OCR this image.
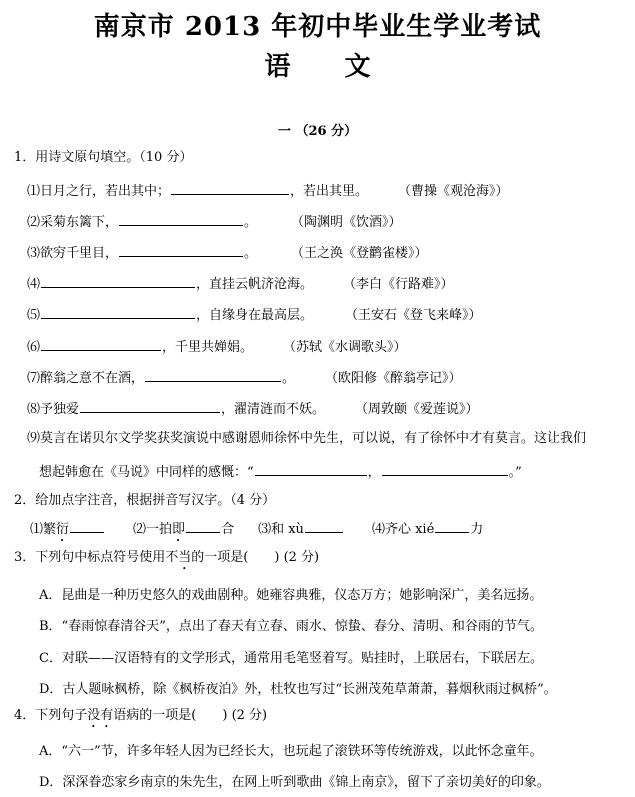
南京市 2013 年初中毕业生学业考试
语 文
一 （26 分）
1．用诗文原句填空。（10 分）
⑴日月之行，若出其中；	，若出其里。 （曹操《观沧海》）
⑵采菊东篱下，	。	（陶渊明《饮酒》）
⑶欲穷千里目，	。	（王之涣《登鹳雀楼》）
⑷	，直挂云帆济沧海。 （李白《行路难》）
⑸	，自缘身在最高层。 （王安石《登飞来峰》）
⑹	，千里共婵娟。 （苏轼《水调歌头》）
⑺醉翁之意不在酒，	。 （欧阳修《醉翁亭记》）
⑻予独爱	，濯清涟而不妖。 （周敦颐《爱莲说》）
⑼莫言在诺贝尔文学奖获奖演说中感谢恩师徐怀中先生，可以说，有了徐怀中才有莫言。这让我们
想起韩愈在《马说》中同样的感慨：“	，	。”
2．给加点字注音，根据拼音写汉字。（4 分）
⑴繁衍	⑵一拍即	合 ⑶和 xù	⑷齐心 xié	力
3．下列句中标点符号使用不当的一项是(　　) (2 分)
A．昆曲是一种历史悠久的戏曲剧种。她雍容典雅，仪态万方；她影响深广，美名远扬。
B．“春雨惊春清谷天”，点出了春天有立春、雨水、惊蛰、春分、清明、和谷雨的节气。
C．对联——汉语特有的文学形式，通常用毛笔竖着写。贴挂时，上联居右，下联居左。
D．古人题咏枫桥，除《枫桥夜泊》外，杜牧也写过“长洲茂苑草萧萧，暮烟秋雨过枫桥”。
4．下列句子没有语病的一项是(　　) (2 分)
A．“六一”节，许多年轻人因为已经长大，也玩起了滚铁环等传统游戏，以此怀念童年。
D．深深眷恋家乡南京的朱先生，在网上听到歌曲《锦上南京》，留下了亲切美好的印象。
